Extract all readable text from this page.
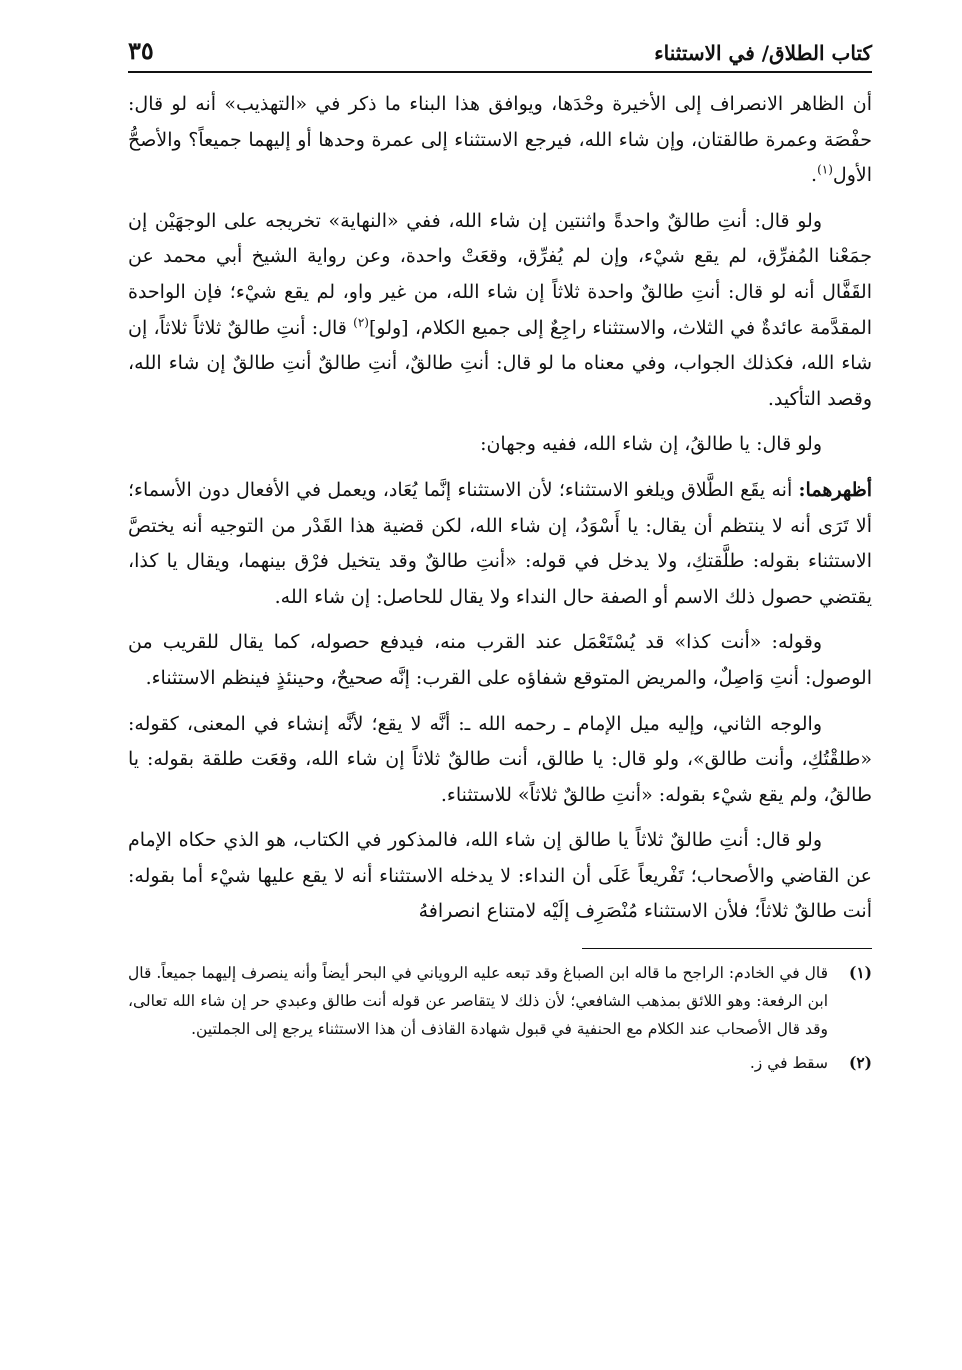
كتاب الطلاق/ في الاستثناء
٣٥

أن الظاهر الانصراف إلى الأخيرة وحْدَها، ويوافق هذا البناء ما ذكر في «التهذيب» أنه لو قال: حفْصَة وعمرة طالقتان، وإن شاء الله، فيرجع الاستثناء إلى عمرة وحدها أو إليهما جميعاً؟ والأصحُّ الأول$^{(١)}$.

ولو قال: أنتِ طالقٌ واحدةً واثنتين إن شاء الله، ففي «النهاية» تخريجه على الوجهَيْن إن جمَعْنا المُفرِّق، لم يقع شيْء، وإن لم يُفرِّق، وقعَتْ واحدة، وعن رواية الشيخ أبي محمد عن القَفَّال أنه لو قال: أنتِ طالقٌ واحدة ثلاثاً إن شاء الله، من غير واو، لم يقع شيْء؛ فإن الواحدة المقدَّمة عائدةٌ في الثلاث، والاستثناء راجِعٌ إلى جميع الكلام، [ولو]$^{(٢)}$ قال: أنتِ طالقٌ ثلاثاً ثلاثاً، إن شاء الله، فكذلك الجواب، وفي معناه ما لو قال: أنتِ طالقٌ، أنتِ طالقٌ أنتِ طالقٌ إن شاء الله، وقصد التأكيد.

ولو قال: يا طالقُ، إن شاء الله، ففيه وجهان:

أظهرهما: أنه يقَع الطَّلاق ويلغو الاستثناء؛ لأن الاستثناء إنَّما يُعَاد، ويعمل في الأفعال دون الأسماء؛ ألا تَرَى أنه لا ينتظم أن يقال: يا أَسْوَدُ، إن شاء الله، لكن قضية هذا القَدْر من التوجيه أنه يختصَّ الاستثناء بقوله: طلَّقتكِ، ولا يدخل في قوله: «أنتِ طالقٌ وقد يتخيل فرْق بينهما، ويقال يا كذا، يقتضي حصول ذلك الاسم أو الصفة حال النداء ولا يقال للحاصل: إن شاء الله.

وقوله: «أنت كذا» قد يُسْتَعْمَل عند القرب منه، فيدفع حصوله، كما يقال للقريب من الوصول: أنتِ وَاصِلٌ، والمريض المتوقع شفاؤه على القرب: إنَّه صحيحٌ، وحينئذٍ فينظم الاستثناء.

والوجه الثاني، وإليه ميل الإمام ـ رحمه الله ـ: أنَّه لا يقع؛ لأنَّه إنشاء في المعنى، كقوله: «طلقْتُكِ، وأنت طالق»، ولو قال: يا طالق، أنت طالقٌ ثلاثاً إن شاء الله، وقعَت طلقة بقوله: يا طالقُ، ولم يقع شيْء بقوله: «أنتِ طالقٌ ثلاثاً» للاستثناء.

ولو قال: أنتِ طالقٌ ثلاثاً يا طالق إن شاء الله، فالمذكور في الكتاب، هو الذي حكاه الإمام عن القاضي والأصحاب؛ تَفْريعاً عَلَى أن النداء: لا يدخله الاستثناء أنه لا يقع عليها شيْء أما بقوله: أنت طالقٌ ثلاثاً؛ فلأن الاستثناء مُنْصَرِف إلَيْه لامتناع انصرافهُ

(١)
قال في الخادم: الراجح ما قاله ابن الصباغ وقد تبعه عليه الروياني في البحر أيضاً وأنه ينصرف إليهما جميعاً. قال ابن الرفعة: وهو اللائق بمذهب الشافعي؛ لأن ذلك لا يتقاصر عن قوله أنت طالق وعبدي حر إن شاء الله تعالى، وقد قال الأصحاب عند الكلام مع الحنفية في قبول شهادة القاذف أن هذا الاستثناء يرجع إلى الجملتين.
(٢)
سقط في ز.
